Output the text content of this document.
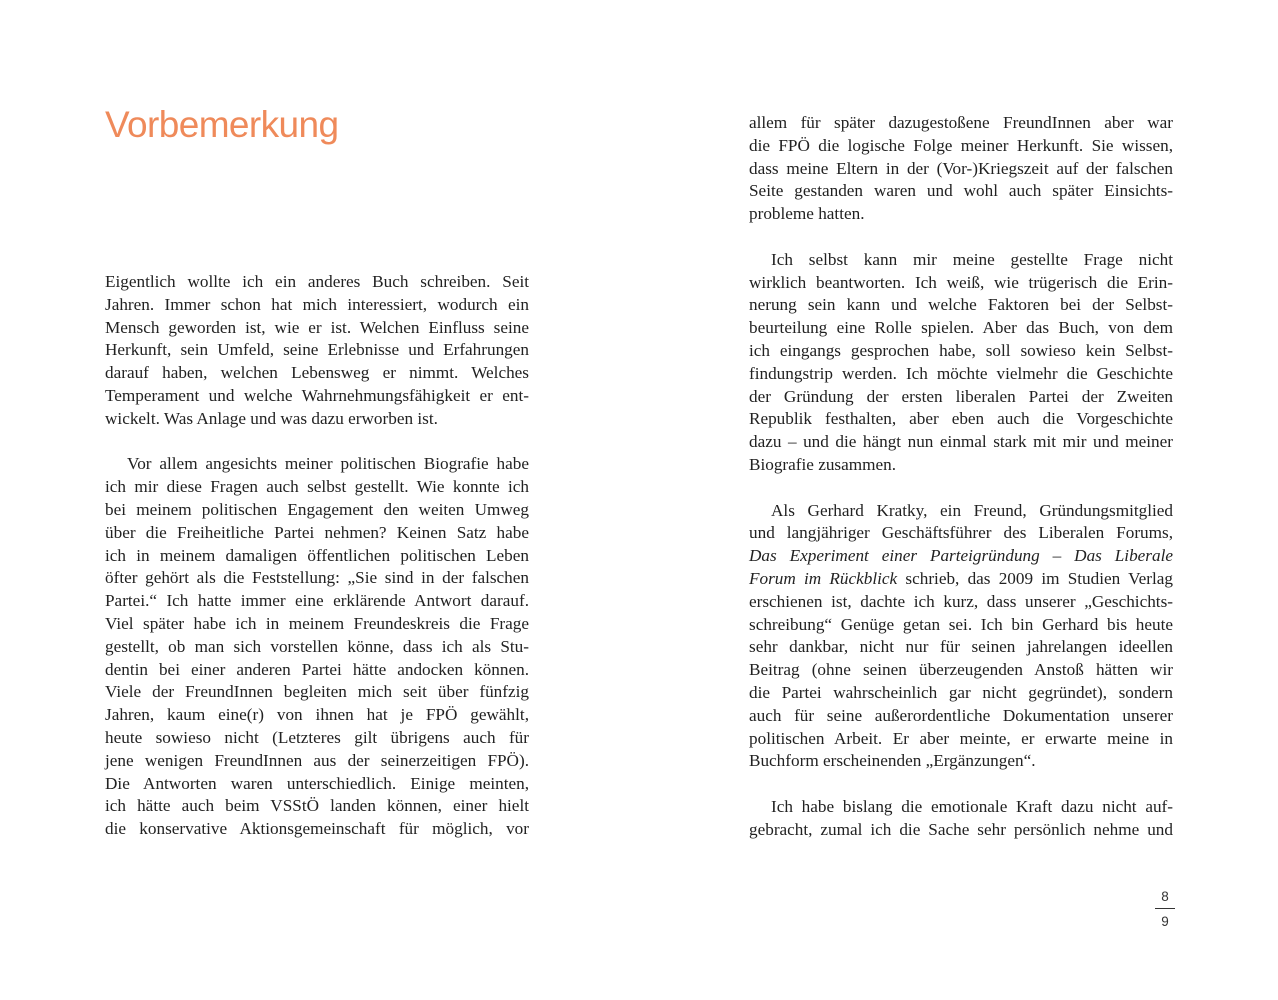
Vorbemerkung

Eigentlich wollte ich ein anderes Buch schreiben. Seit
Jahren. Immer schon hat mich interessiert, wodurch ein
Mensch geworden ist, wie er ist. Welchen Einfluss seine
Herkunft, sein Umfeld, seine Erlebnisse und Erfahrungen
darauf haben, welchen Lebensweg er nimmt. Welches
Temperament und welche Wahrnehmungsfähigkeit er ent-
wickelt. Was Anlage und was dazu erworben ist.

Vor allem angesichts meiner politischen Biografie habe
ich mir diese Fragen auch selbst gestellt. Wie konnte ich
bei meinem politischen Engagement den weiten Umweg
über die Freiheitliche Partei nehmen? Keinen Satz habe
ich in meinem damaligen öffentlichen politischen Leben
öfter gehört als die Feststellung: „Sie sind in der falschen
Partei.“ Ich hatte immer eine erklärende Antwort darauf.
Viel später habe ich in meinem Freundeskreis die Frage
gestellt, ob man sich vorstellen könne, dass ich als Stu-
dentin bei einer anderen Partei hätte andocken können.
Viele der FreundInnen begleiten mich seit über fünfzig
Jahren, kaum eine(r) von ihnen hat je FPÖ gewählt,
heute sowieso nicht (Letzteres gilt übrigens auch für
jene wenigen FreundInnen aus der seinerzeitigen FPÖ).
Die Antworten waren unterschiedlich. Einige meinten,
ich hätte auch beim VSStÖ landen können, einer hielt
die konservative Aktionsgemeinschaft für möglich, vor

allem für später dazugestoßene FreundInnen aber war
die FPÖ die logische Folge meiner Herkunft. Sie wissen,
dass meine Eltern in der (Vor-)Kriegszeit auf der falschen
Seite gestanden waren und wohl auch später Einsichts-
probleme hatten.

Ich selbst kann mir meine gestellte Frage nicht
wirklich beantworten. Ich weiß, wie trügerisch die Erin-
nerung sein kann und welche Faktoren bei der Selbst-
beurteilung eine Rolle spielen. Aber das Buch, von dem
ich eingangs gesprochen habe, soll sowieso kein Selbst-
findungstrip werden. Ich möchte vielmehr die Geschichte
der Gründung der ersten liberalen Partei der Zweiten
Republik festhalten, aber eben auch die Vorgeschichte
dazu – und die hängt nun einmal stark mit mir und meiner
Biografie zusammen.

Als Gerhard Kratky, ein Freund, Gründungsmitglied
und langjähriger Geschäftsführer des Liberalen Forums,
Das Experiment einer Parteigründung – Das Liberale
Forum im Rückblick schrieb, das 2009 im Studien Verlag
erschienen ist, dachte ich kurz, dass unserer „Geschichts-
schreibung“ Genüge getan sei. Ich bin Gerhard bis heute
sehr dankbar, nicht nur für seinen jahrelangen ideellen
Beitrag (ohne seinen überzeugenden Anstoß hätten wir
die Partei wahrscheinlich gar nicht gegründet), sondern
auch für seine außerordentliche Dokumentation unserer
politischen Arbeit. Er aber meinte, er erwarte meine in
Buchform erscheinenden „Ergänzungen“.

Ich habe bislang die emotionale Kraft dazu nicht auf-
gebracht, zumal ich die Sache sehr persönlich nehme und

8
9
